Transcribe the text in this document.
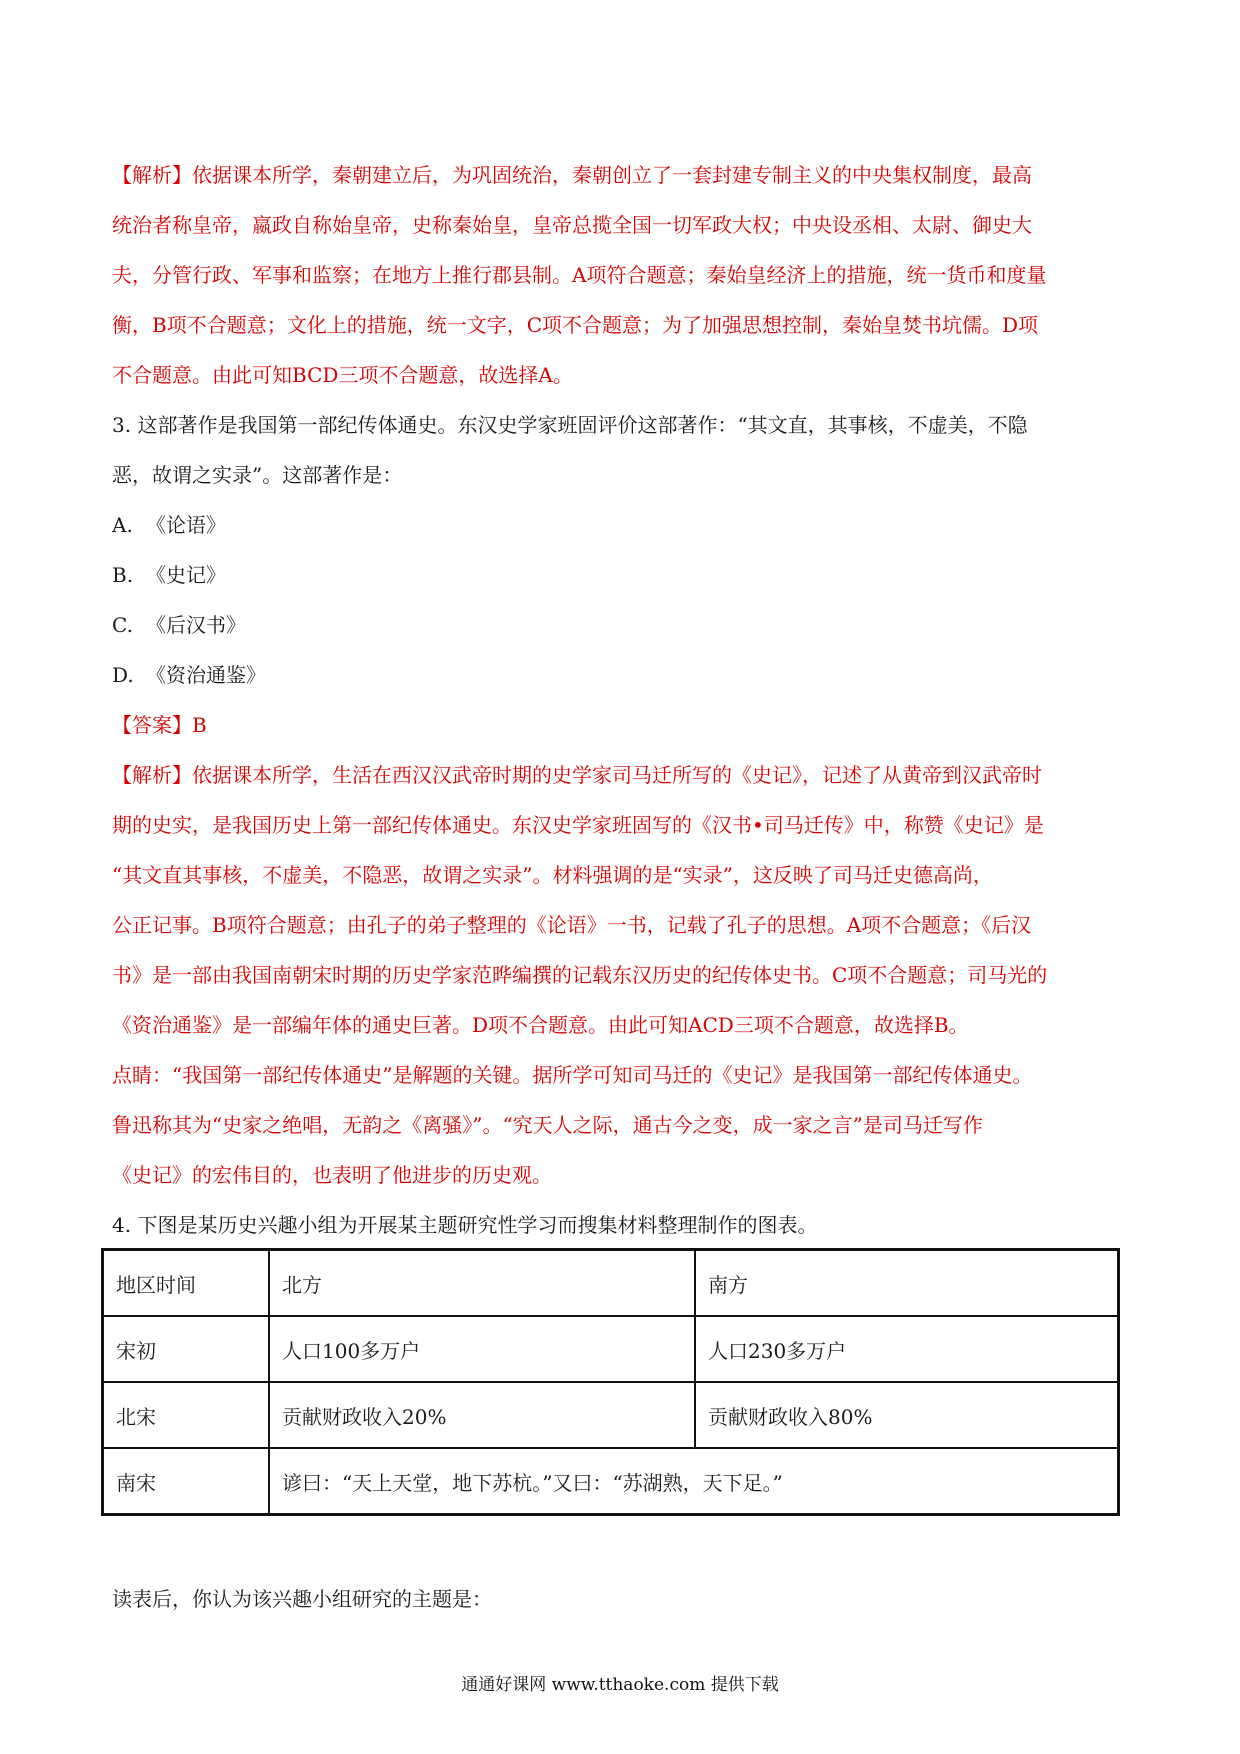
【解析】依据课本所学，秦朝建立后，为巩固统治，秦朝创立了一套封建专制主义的中央集权制度，最高

统治者称皇帝，嬴政自称始皇帝，史称秦始皇，皇帝总揽全国一切军政大权；中央设丞相、太尉、御史大

夫，分管行政、军事和监察；在地方上推行郡县制。A项符合题意；秦始皇经济上的措施，统一货币和度量

衡，B项不合题意；文化上的措施，统一文字，C项不合题意；为了加强思想控制，秦始皇焚书坑儒。D项

不合题意。由此可知BCD三项不合题意，故选择A。

3. 这部著作是我国第一部纪传体通史。东汉史学家班固评价这部著作：“其文直，其事核，不虚美，不隐

恶，故谓之实录”。这部著作是：

A. 《论语》

B. 《史记》

C. 《后汉书》

D. 《资治通鉴》

【答案】B

【解析】依据课本所学，生活在西汉汉武帝时期的史学家司马迁所写的《史记》，记述了从黄帝到汉武帝时

期的史实，是我国历史上第一部纪传体通史。东汉史学家班固写的《汉书•司马迁传》中，称赞《史记》是

“其文直其事核，不虚美，不隐恶，故谓之实录”。材料强调的是“实录”，这反映了司马迁史德高尚，

公正记事。B项符合题意；由孔子的弟子整理的《论语》一书，记载了孔子的思想。A项不合题意；《后汉

书》是一部由我国南朝宋时期的历史学家范晔编撰的记载东汉历史的纪传体史书。C项不合题意；司马光的

《资治通鉴》是一部编年体的通史巨著。D项不合题意。由此可知ACD三项不合题意，故选择B。

点睛：“我国第一部纪传体通史”是解题的关键。据所学可知司马迁的《史记》是我国第一部纪传体通史。

鲁迅称其为“史家之绝唱，无韵之《离骚》”。“究天人之际，通古今之变，成一家之言”是司马迁写作

《史记》的宏伟目的，也表明了他进步的历史观。

4. 下图是某历史兴趣小组为开展某主题研究性学习而搜集材料整理制作的图表。

地区时间	北方	南方
宋初	人口100多万户	人口230多万户
北宋	贡献财政收入20%	贡献财政收入80%
南宋	谚曰：“天上天堂，地下苏杭。”又曰：“苏湖熟，天下足。”	

读表后，你认为该兴趣小组研究的主题是：

通通好课网 www.tthaoke.com 提供下载
